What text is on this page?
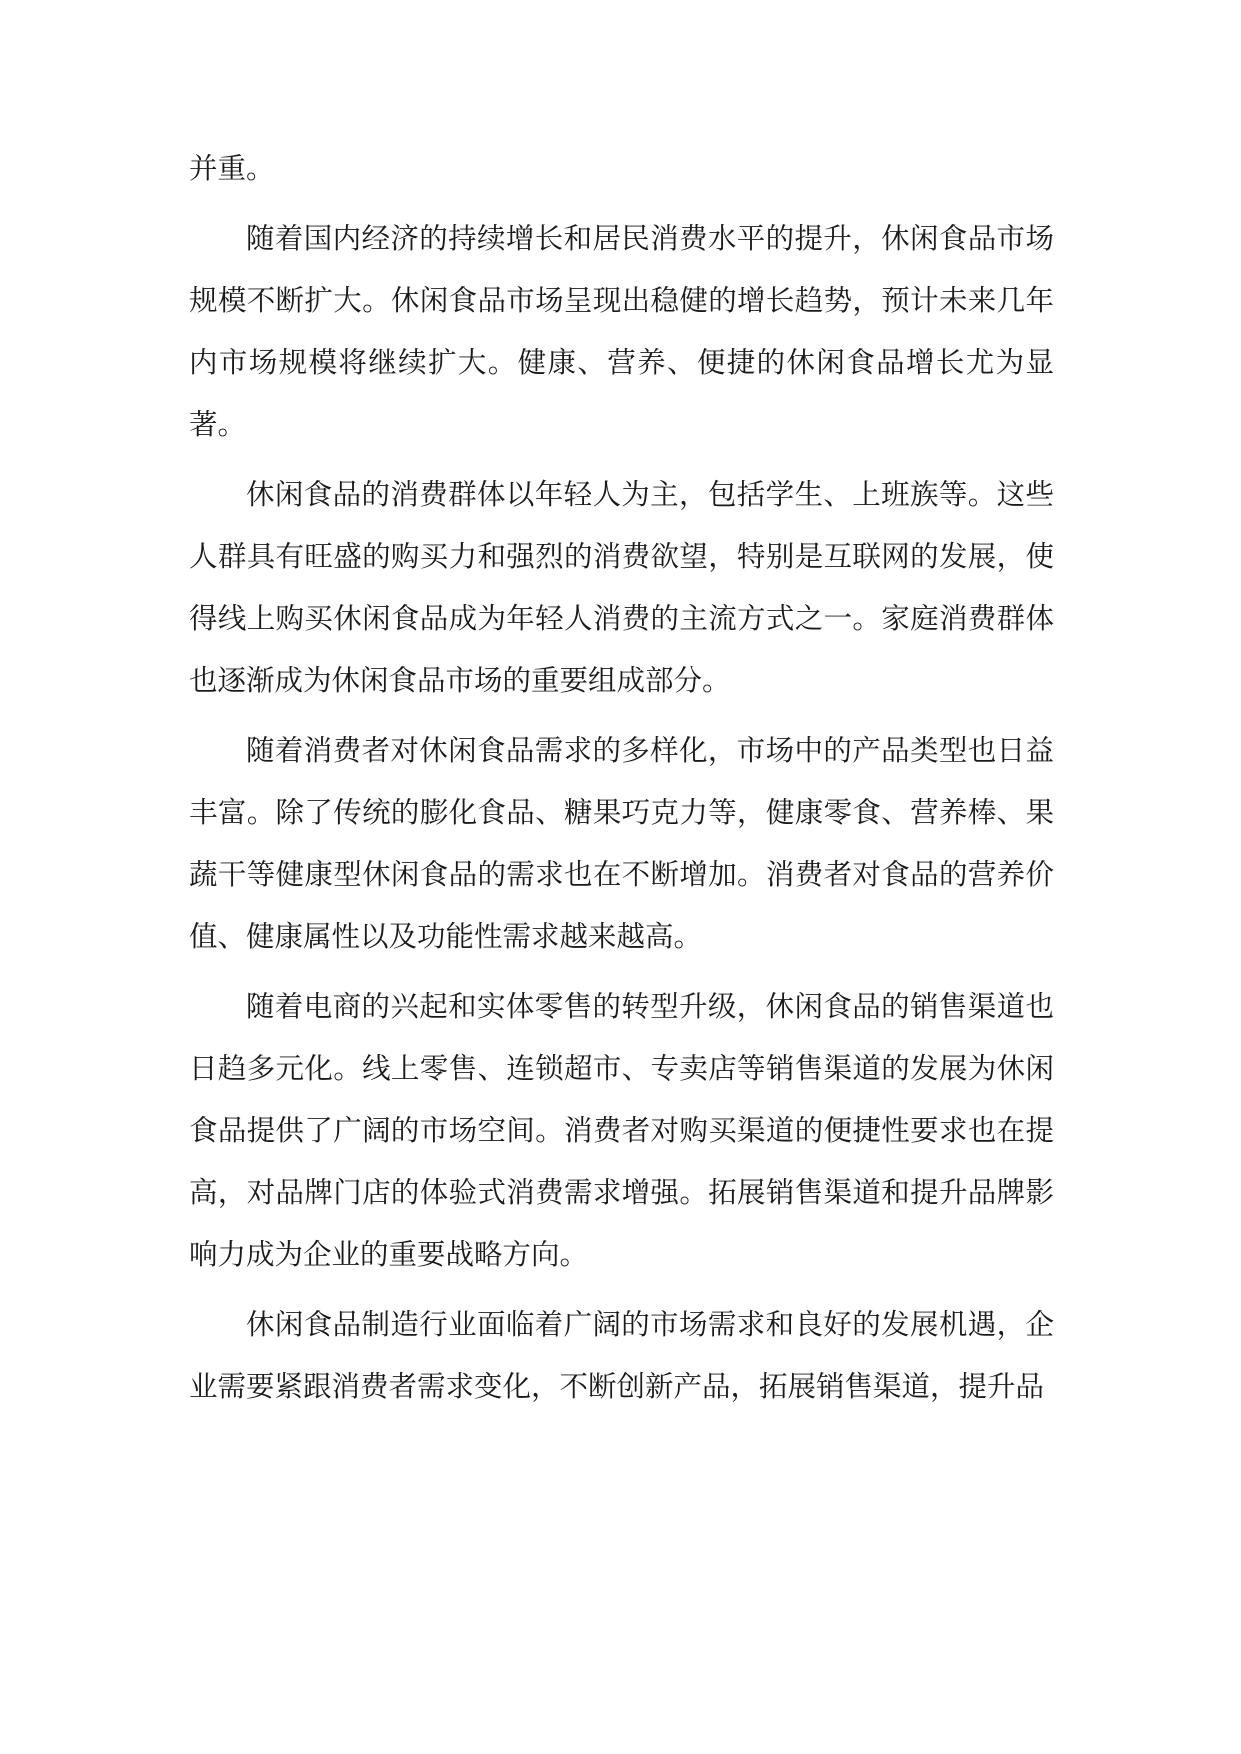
并重。

随着国内经济的持续增长和居民消费水平的提升，休闲食品市场规模不断扩大。休闲食品市场呈现出稳健的增长趋势，预计未来几年内市场规模将继续扩大。健康、营养、便捷的休闲食品增长尤为显著。

休闲食品的消费群体以年轻人为主，包括学生、上班族等。这些人群具有旺盛的购买力和强烈的消费欲望，特别是互联网的发展，使得线上购买休闲食品成为年轻人消费的主流方式之一。家庭消费群体也逐渐成为休闲食品市场的重要组成部分。

随着消费者对休闲食品需求的多样化，市场中的产品类型也日益丰富。除了传统的膨化食品、糖果巧克力等，健康零食、营养棒、果蔬干等健康型休闲食品的需求也在不断增加。消费者对食品的营养价值、健康属性以及功能性需求越来越高。

随着电商的兴起和实体零售的转型升级，休闲食品的销售渠道也日趋多元化。线上零售、连锁超市、专卖店等销售渠道的发展为休闲食品提供了广阔的市场空间。消费者对购买渠道的便捷性要求也在提高，对品牌门店的体验式消费需求增强。拓展销售渠道和提升品牌影响力成为企业的重要战略方向。

休闲食品制造行业面临着广阔的市场需求和良好的发展机遇，企业需要紧跟消费者需求变化，不断创新产品，拓展销售渠道，提升品
